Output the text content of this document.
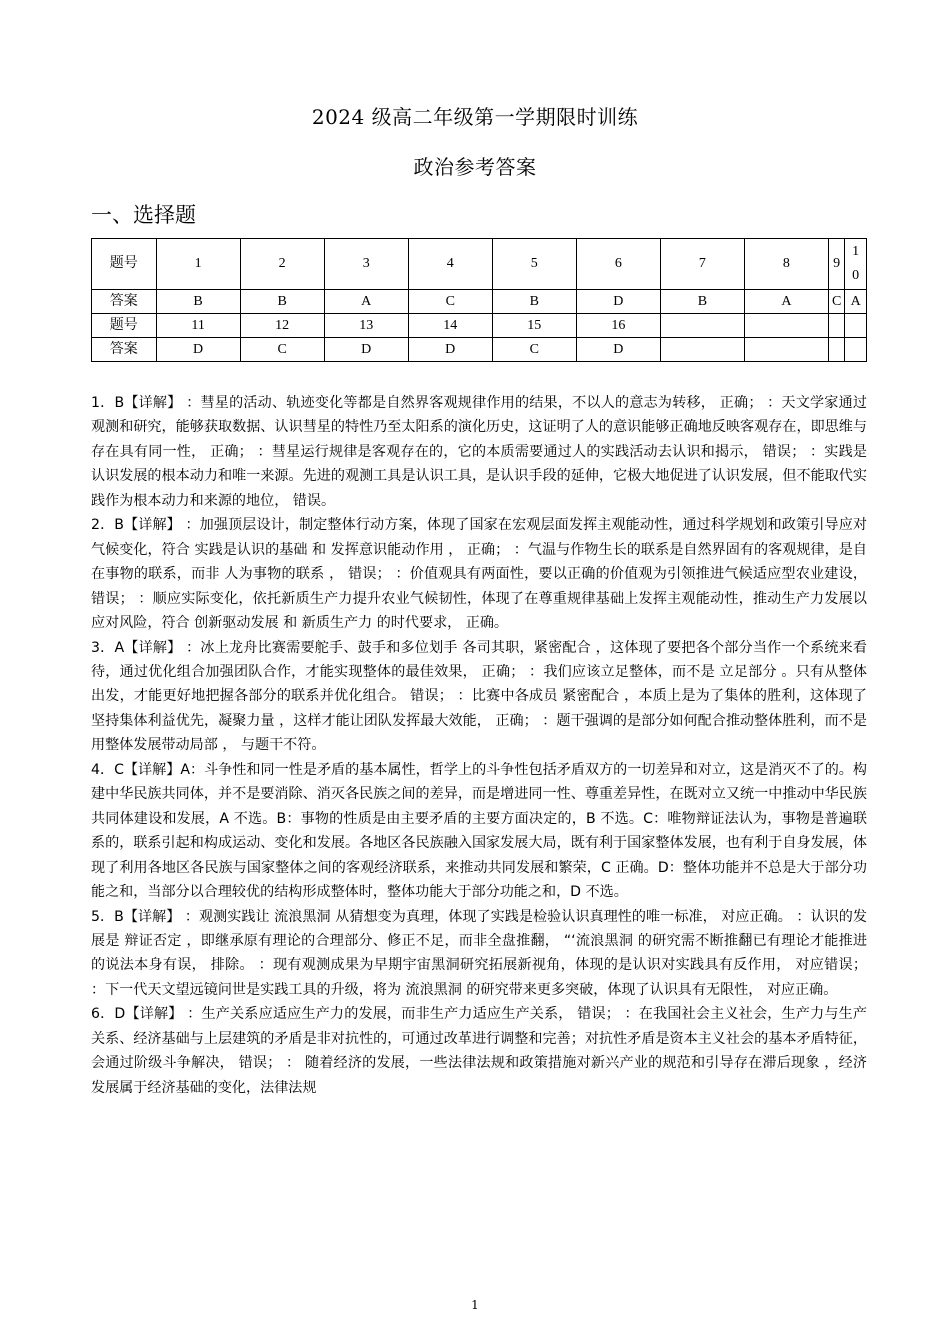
2024 级高二年级第一学期限时训练
政治参考答案
一、选择题
题号	1	2	3	4	5	6	7	8	9	10
答案	B	B	A	C	B	D	B	A	C	A
题号	11	12	13	14	15	16				
答案	D	C	D	D	C	D				

1．B【详解】 ：彗星的活动、轨迹变化等都是自然界客观规律作用的结果，不以人的意志为转移， 正确； ：天文学家通过观测和研究，能够获取数据、认识彗星的特性乃至太阳系的演化历史，这证明了人的意识能够正确地反映客观存在，即思维与存在具有同一性， 正确； ：彗星运行规律是客观存在的，它的本质需要通过人的实践活动去认识和揭示， 错误； ：实践是认识发展的根本动力和唯一来源。先进的观测工具是认识工具，是认识手段的延伸，它极大地促进了认识发展，但不能取代实践作为根本动力和来源的地位， 错误。

2．B【详解】 ：加强顶层设计，制定整体行动方案，体现了国家在宏观层面发挥主观能动性，通过科学规划和政策引导应对气候变化，符合 实践是认识的基础 和 发挥意识能动作用 ， 正确； ：气温与作物生长的联系是自然界固有的客观规律，是自在事物的联系，而非 人为事物的联系 ， 错误； ：价值观具有两面性，要以正确的价值观为引领推进气候适应型农业建设， 错误； ：顺应实际变化，依托新质生产力提升农业气候韧性，体现了在尊重规律基础上发挥主观能动性，推动生产力发展以应对风险，符合 创新驱动发展 和 新质生产力 的时代要求， 正确。

3．A【详解】 ：冰上龙舟比赛需要舵手、鼓手和多位划手 各司其职，紧密配合 ，这体现了要把各个部分当作一个系统来看待，通过优化组合加强团队合作，才能实现整体的最佳效果， 正确； ：我们应该立足整体，而不是 立足部分 。只有从整体出发，才能更好地把握各部分的联系并优化组合。 错误； ：比赛中各成员 紧密配合 ，本质上是为了集体的胜利，这体现了 坚持集体利益优先，凝聚力量 ，这样才能让团队发挥最大效能， 正确； ：题干强调的是部分如何配合推动整体胜利，而不是 用整体发展带动局部 ， 与题干不符。

4．C【详解】A：斗争性和同一性是矛盾的基本属性，哲学上的斗争性包括矛盾双方的一切差异和对立，这是消灭不了的。构建中华民族共同体，并不是要消除、消灭各民族之间的差异，而是增进同一性、尊重差异性，在既对立又统一中推动中华民族共同体建设和发展，A 不选。B：事物的性质是由主要矛盾的主要方面决定的，B 不选。C：唯物辩证法认为，事物是普遍联系的，联系引起和构成运动、变化和发展。各地区各民族融入国家发展大局，既有利于国家整体发展，也有利于自身发展，体现了利用各地区各民族与国家整体之间的客观经济联系，来推动共同发展和繁荣，C 正确。D：整体功能并不总是大于部分功能之和，当部分以合理较优的结构形成整体时，整体功能大于部分功能之和，D 不选。

5．B【详解】 ：观测实践让 流浪黑洞 从猜想变为真理，体现了实践是检验认识真理性的唯一标准， 对应正确。 ：认识的发展是 辩证否定 ，即继承原有理论的合理部分、修正不足，而非全盘推翻， “‘流浪黑洞 的研究需不断推翻已有理论才能推进 的说法本身有误， 排除。 ：现有观测成果为早期宇宙黑洞研究拓展新视角，体现的是认识对实践具有反作用， 对应错误； ：下一代天文望远镜问世是实践工具的升级，将为 流浪黑洞 的研究带来更多突破，体现了认识具有无限性， 对应正确。

6．D【详解】 ：生产关系应适应生产力的发展，而非生产力适应生产关系， 错误； ：在我国社会主义社会，生产力与生产关系、经济基础与上层建筑的矛盾是非对抗性的，可通过改革进行调整和完善；对抗性矛盾是资本主义社会的基本矛盾特征，会通过阶级斗争解决， 错误； ： 随着经济的发展，一些法律法规和政策措施对新兴产业的规范和引导存在滞后现象 ，经济发展属于经济基础的变化，法律法规

1
